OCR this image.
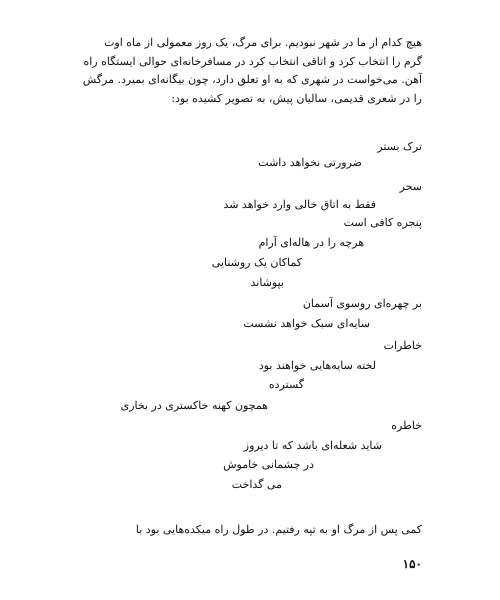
هیچ کدام از ما در شهر نبودیم. برای مرگ، یک روز معمولی از ماه اوت

گرم را انتخاب کرد و اتاقی انتخاب کرد در مسافرخانه‌ای حوالی ایستگاه راه

آهن. می‌خواست در شهری که به او تعلق دارد، چون بیگانه‌ای بمیرد. مرگش

را در شعری قدیمی، سالیان پیش، به تصویر کشیده بود:

ترک بستر
ضرورتی نخواهد داشت
سحر
فقط به اتاق خالی وارد خواهد شد
پنجره کافی است
هرچه را در هاله‌ای آرام
کماکان یک روشنایی
بپوشاند
بر چهره‌ای روسوی آسمان
سایه‌ای سبک خواهد نشست
خاطرات
لخته سایه‌هایی خواهند بود
گسترده
همچون کهنه خاکستری در بخاری
خاطره
شاید شعله‌ای باشد که تا دیروز
در چشمانی خاموش
می گداخت

کمی پس از مرگ او به تپه رفتیم. در طول راه میکده‌هایی بود با

۱۵۰
